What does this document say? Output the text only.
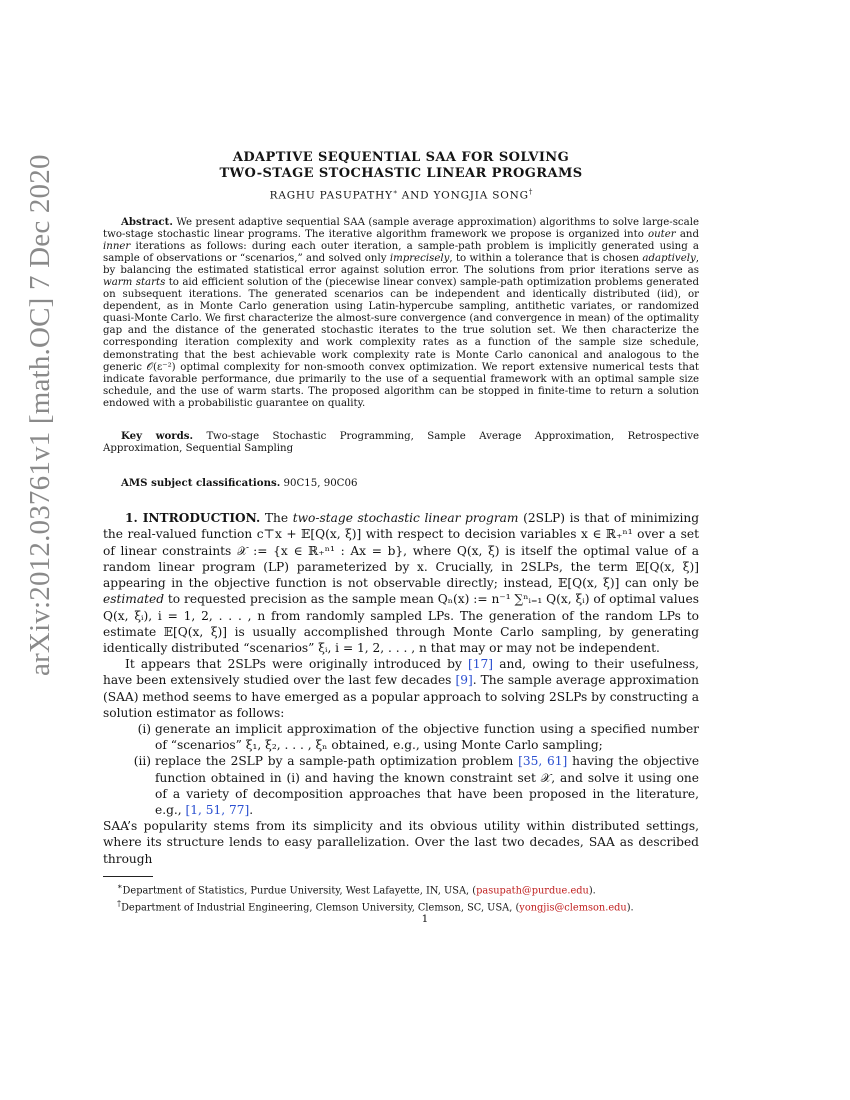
arXiv:2012.03761v1 [math.OC] 7 Dec 2020	ADAPTIVE SEQUENTIAL SAA FOR SOLVING
TWO-STAGE STOCHASTIC LINEAR PROGRAMS
RAGHU PASUPATHY∗ AND YONGJIA SONG†
Abstract. We present adaptive sequential SAA (sample average approximation) algorithms to solve large-scale two-stage stochastic linear programs. The iterative algorithm framework we propose is organized into outer and inner iterations as follows: during each outer iteration, a sample-path problem is implicitly generated using a sample of observations or “scenarios,” and solved only imprecisely, to within a tolerance that is chosen adaptively, by balancing the estimated statistical error against solution error. The solutions from prior iterations serve as warm starts to aid efficient solution of the (piecewise linear convex) sample-path optimization problems generated on subsequent iterations. The generated scenarios can be independent and identically distributed (iid), or dependent, as in Monte Carlo generation using Latin-hypercube sampling, antithetic variates, or randomized quasi-Monte Carlo. We first characterize the almost-sure convergence (and convergence in mean) of the optimality gap and the distance of the generated stochastic iterates to the true solution set. We then characterize the corresponding iteration complexity and work complexity rates as a function of the sample size schedule, demonstrating that the best achievable work complexity rate is Monte Carlo canonical and analogous to the generic 𝒪(ε⁻²) optimal complexity for non-smooth convex optimization. We report extensive numerical tests that indicate favorable performance, due primarily to the use of a sequential framework with an optimal sample size schedule, and the use of warm starts. The proposed algorithm can be stopped in finite-time to return a solution endowed with a probabilistic guarantee on quality.
Key words. Two-stage Stochastic Programming, Sample Average Approximation, Retrospective Approximation, Sequential Sampling
AMS subject classifications. 90C15, 90C06

1. INTRODUCTION. The two-stage stochastic linear program (2SLP) is that of minimizing the real-valued function c⊤x + 𝔼[Q(x, ξ)] with respect to decision variables x ∈ ℝ₊ⁿ¹ over a set of linear constraints 𝒳 := {x ∈ ℝ₊ⁿ¹ : Ax = b}, where Q(x, ξ) is itself the optimal value of a random linear program (LP) parameterized by x. Crucially, in 2SLPs, the term 𝔼[Q(x, ξ)] appearing in the objective function is not observable directly; instead, 𝔼[Q(x, ξ)] can only be estimated to requested precision as the sample mean Qₙ(x) := n⁻¹ ∑ⁿᵢ₌₁ Q(x, ξᵢ) of optimal values Q(x, ξᵢ), i = 1, 2, . . . , n from randomly sampled LPs. The generation of the random LPs to estimate 𝔼[Q(x, ξ)] is usually accomplished through Monte Carlo sampling, by generating identically distributed “scenarios” ξᵢ, i = 1, 2, . . . , n that may or may not be independent.

It appears that 2SLPs were originally introduced by [17] and, owing to their usefulness, have been extensively studied over the last few decades [9]. The sample average approximation (SAA) method seems to have emerged as a popular approach to solving 2SLPs by constructing a solution estimator as follows:

(i) generate an implicit approximation of the objective function using a specified number of “scenarios” ξ₁, ξ₂, . . . , ξₙ obtained, e.g., using Monte Carlo sampling;
(ii) replace the 2SLP by a sample-path optimization problem [35, 61] having the objective function obtained in (i) and having the known constraint set 𝒳, and solve it using one of a variety of decomposition approaches that have been proposed in the literature, e.g., [1, 51, 77].

SAA’s popularity stems from its simplicity and its obvious utility within distributed settings, where its structure lends to easy parallelization. Over the last two decades, SAA as described through

∗Department of Statistics, Purdue University, West Lafayette, IN, USA, (pasupath@purdue.edu).
†Department of Industrial Engineering, Clemson University, Clemson, SC, USA, (yongjis@clemson.edu).
1
